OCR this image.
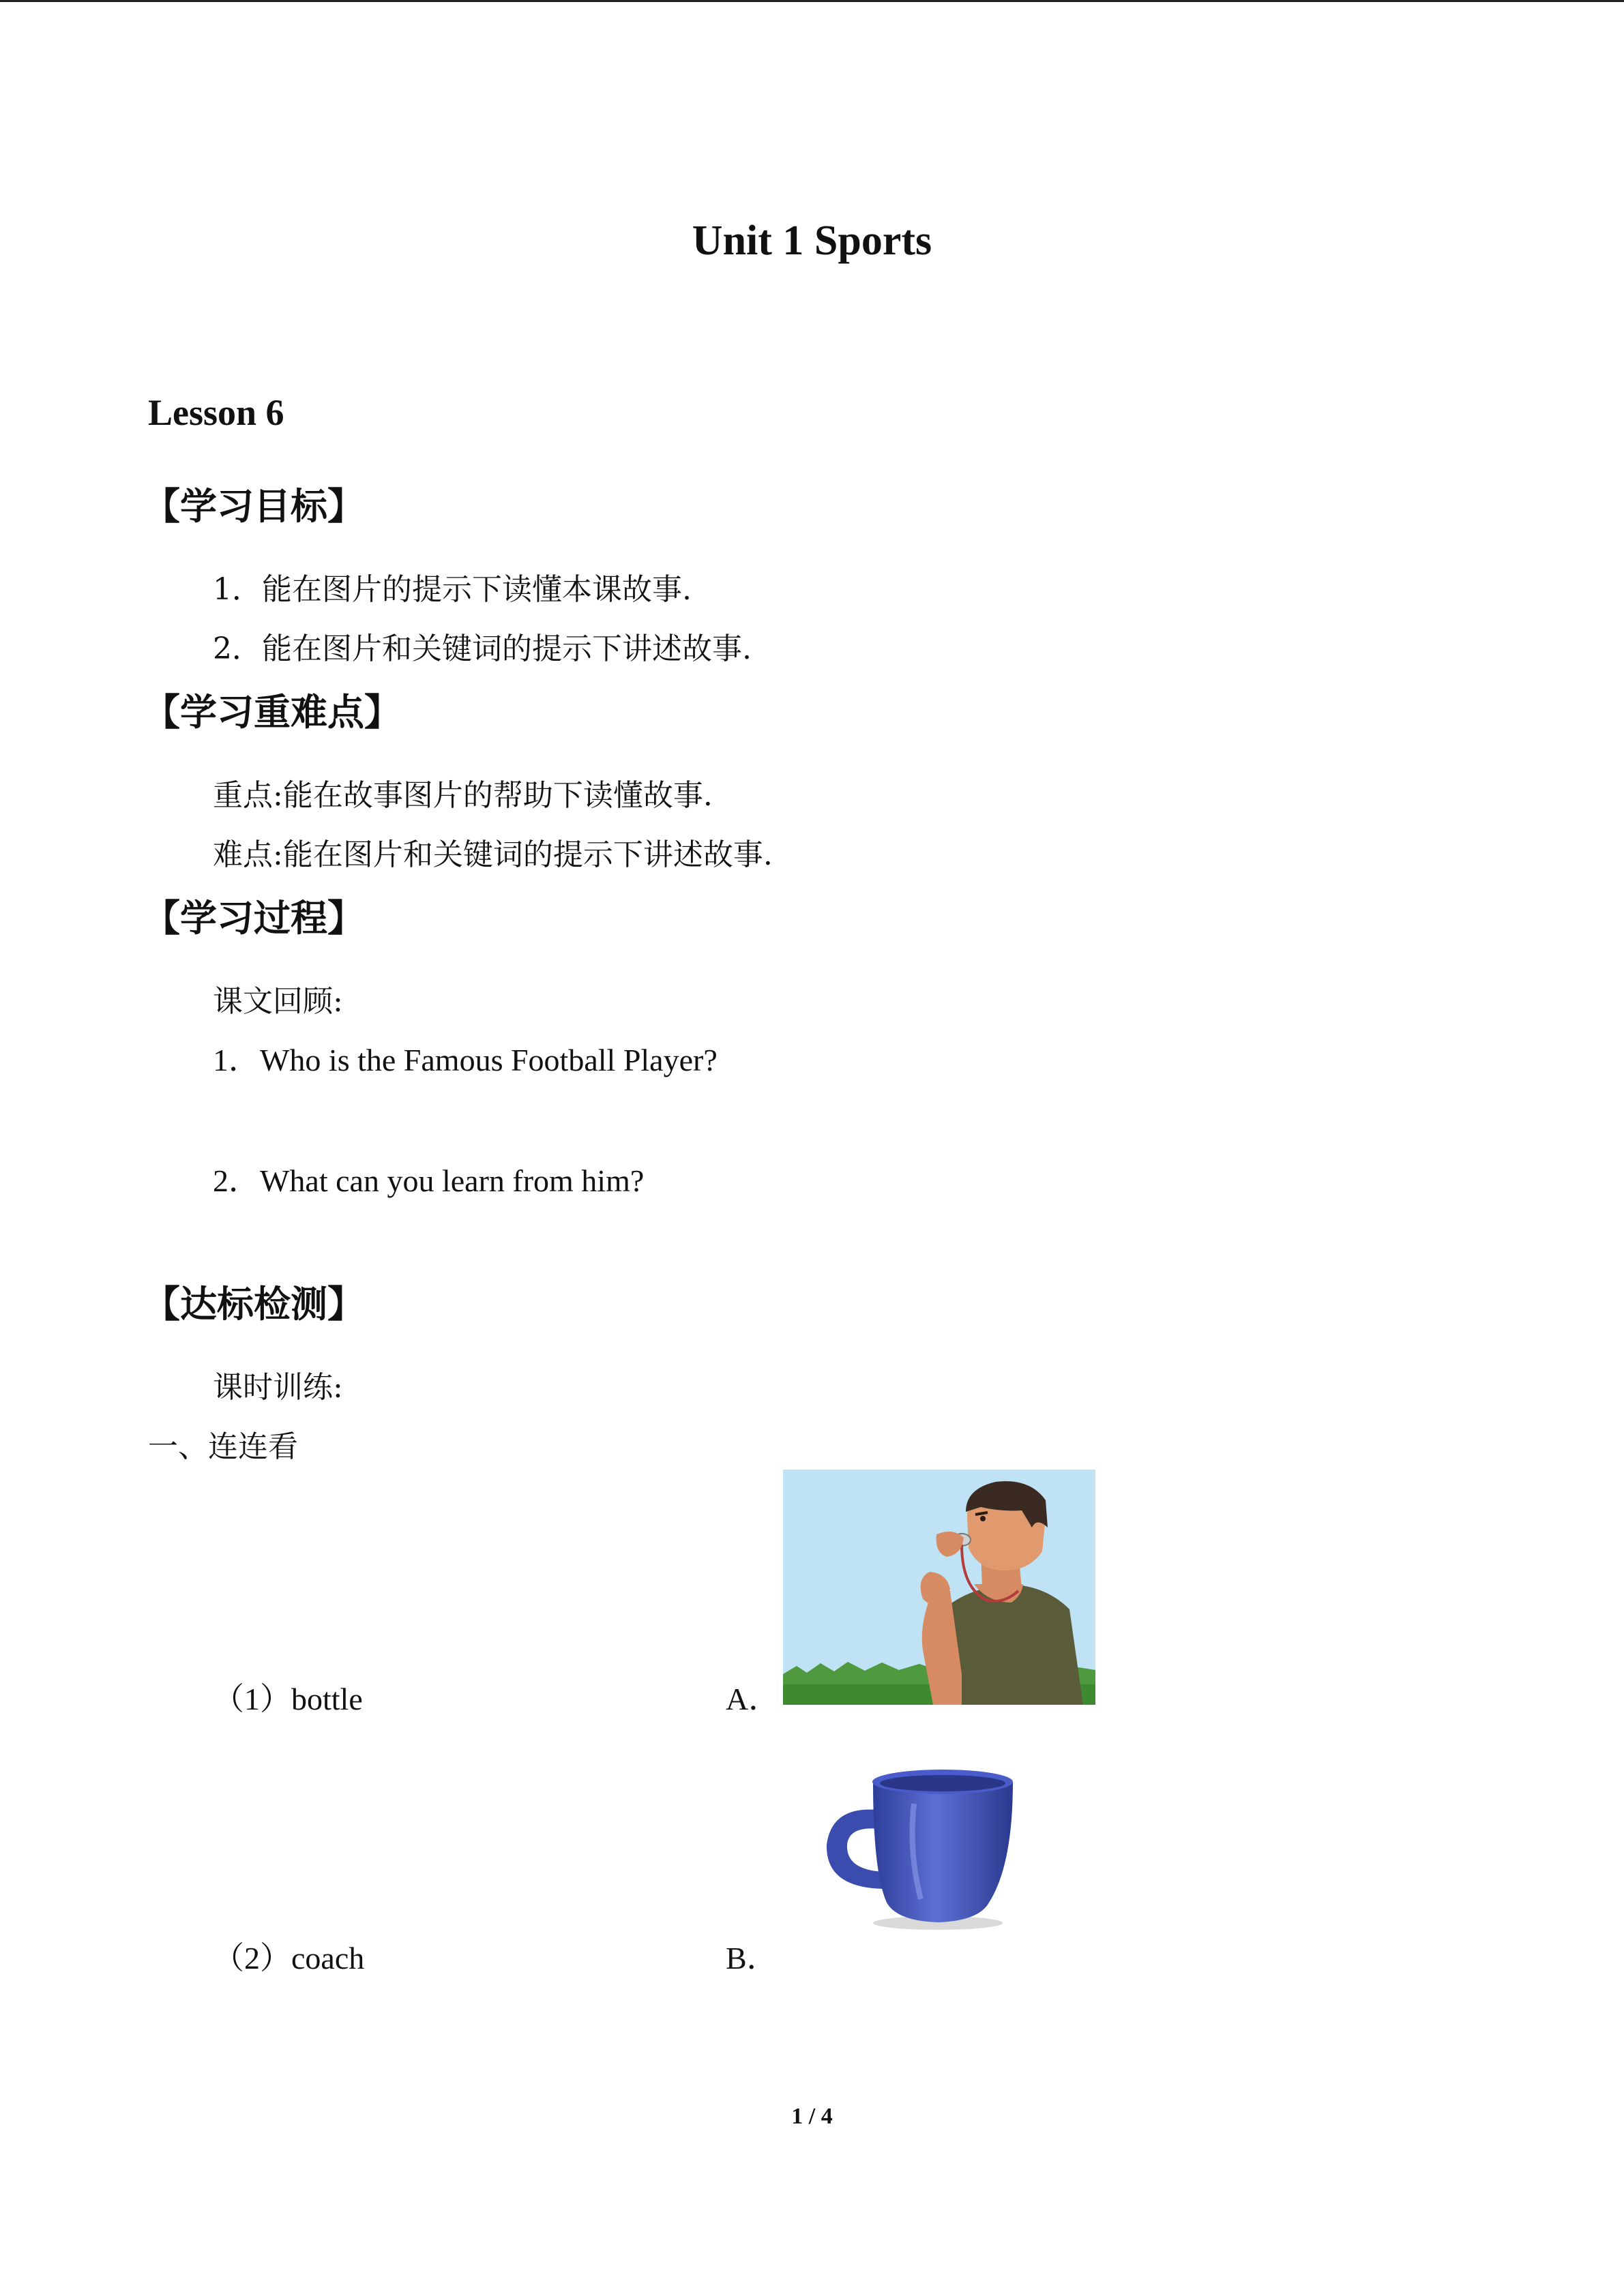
Unit 1 Sports
Lesson 6
【学习目标】
1．能在图片的提示下读懂本课故事.
2．能在图片和关键词的提示下讲述故事.
【学习重难点】
重点:能在故事图片的帮助下读懂故事.
难点:能在图片和关键词的提示下讲述故事.
【学习过程】
课文回顾:
1．Who is the Famous Football Player?
2．What can you learn from him?
【达标检测】
课时训练:
一、连连看
（1）bottle	A．
（2）coach	B．
1 / 4
